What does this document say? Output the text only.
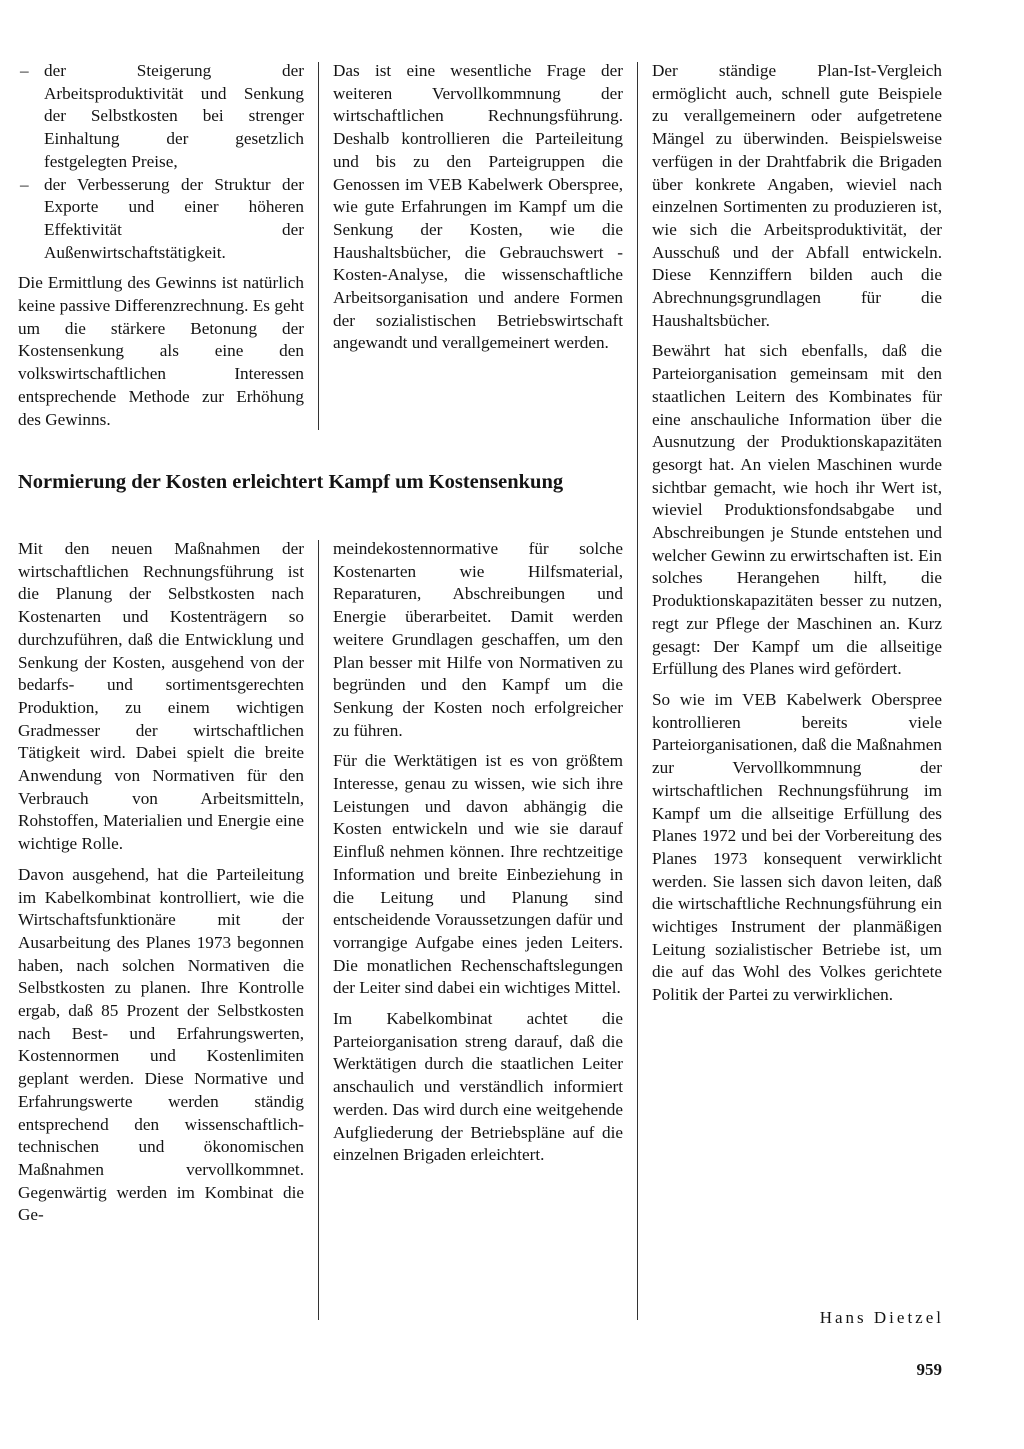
– der Steigerung der Arbeitsproduktivität und Senkung der Selbstkosten bei strenger Einhaltung der gesetzlich festgelegten Preise,
– der Verbesserung der Struktur der Exporte und einer höheren Effektivität der Außenwirtschaftstätigkeit.

Die Ermittlung des Gewinns ist natürlich keine passive Differenzrechnung. Es geht um die stärkere Betonung der Kostensenkung als eine den volkswirtschaftlichen Interessen entsprechende Methode zur Erhöhung des Gewinns.

Das ist eine wesentliche Frage der weiteren Vervollkommnung der wirtschaftlichen Rechnungsführung. Deshalb kontrollieren die Parteileitung und bis zu den Parteigruppen die Genossen im VEB Kabelwerk Oberspree, wie gute Erfahrungen im Kampf um die Senkung der Kosten, wie die Haushaltsbücher, die Gebrauchswert - Kosten-Analyse, die wissenschaftliche Arbeitsorganisation und andere Formen der sozialistischen Betriebswirtschaft angewandt und verallgemeinert werden.

Normierung der Kosten erleichtert Kampf um Kostensenkung

Mit den neuen Maßnahmen der wirtschaftlichen Rechnungsführung ist die Planung der Selbstkosten nach Kostenarten und Kostenträgern so durchzuführen, daß die Entwicklung und Senkung der Kosten, ausgehend von der bedarfs- und sortimentsgerechten Produktion, zu einem wichtigen Gradmesser der wirtschaftlichen Tätigkeit wird. Dabei spielt die breite Anwendung von Normativen für den Verbrauch von Arbeitsmitteln, Rohstoffen, Materialien und Energie eine wichtige Rolle.

Davon ausgehend, hat die Parteileitung im Kabelkombinat kontrolliert, wie die Wirtschaftsfunktionäre mit der Ausarbeitung des Planes 1973 begonnen haben, nach solchen Normativen die Selbstkosten zu planen. Ihre Kontrolle ergab, daß 85 Prozent der Selbstkosten nach Best- und Erfahrungswerten, Kostennormen und Kostenlimiten geplant werden. Diese Normative und Erfahrungswerte werden ständig entsprechend den wissenschaftlich-technischen und ökonomischen Maßnahmen vervollkommnet. Gegenwärtig werden im Kombinat die Ge-

meindekostennormative für solche Kostenarten wie Hilfsmaterial, Reparaturen, Abschreibungen und Energie überarbeitet. Damit werden weitere Grundlagen geschaffen, um den Plan besser mit Hilfe von Normativen zu begründen und den Kampf um die Senkung der Kosten noch erfolgreicher zu führen.

Für die Werktätigen ist es von größtem Interesse, genau zu wissen, wie sich ihre Leistungen und davon abhängig die Kosten entwickeln und wie sie darauf Einfluß nehmen können. Ihre rechtzeitige Information und breite Einbeziehung in die Leitung und Planung sind entscheidende Voraussetzungen dafür und vorrangige Aufgabe eines jeden Leiters. Die monatlichen Rechenschaftslegungen der Leiter sind dabei ein wichtiges Mittel.

Im Kabelkombinat achtet die Parteiorganisation streng darauf, daß die Werktätigen durch die staatlichen Leiter anschaulich und verständlich informiert werden. Das wird durch eine weitgehende Aufgliederung der Betriebspläne auf die einzelnen Brigaden erleichtert.

Der ständige Plan-Ist-Vergleich ermöglicht auch, schnell gute Beispiele zu verallgemeinern oder aufgetretene Mängel zu überwinden. Beispielsweise verfügen in der Drahtfabrik die Brigaden über konkrete Angaben, wieviel nach einzelnen Sortimenten zu produzieren ist, wie sich die Arbeitsproduktivität, der Ausschuß und der Abfall entwickeln. Diese Kennziffern bilden auch die Abrechnungsgrundlagen für die Haushaltsbücher.

Bewährt hat sich ebenfalls, daß die Parteiorganisation gemeinsam mit den staatlichen Leitern des Kombinates für eine anschauliche Information über die Ausnutzung der Produktionskapazitäten gesorgt hat. An vielen Maschinen wurde sichtbar gemacht, wie hoch ihr Wert ist, wieviel Produktionsfondsabgabe und Abschreibungen je Stunde entstehen und welcher Gewinn zu erwirtschaften ist. Ein solches Herangehen hilft, die Produktionskapazitäten besser zu nutzen, regt zur Pflege der Maschinen an. Kurz gesagt: Der Kampf um die allseitige Erfüllung des Planes wird gefördert.

So wie im VEB Kabelwerk Oberspree kontrollieren bereits viele Parteiorganisationen, daß die Maßnahmen zur Vervollkommnung der wirtschaftlichen Rechnungsführung im Kampf um die allseitige Erfüllung des Planes 1972 und bei der Vorbereitung des Planes 1973 konsequent verwirklicht werden. Sie lassen sich davon leiten, daß die wirtschaftliche Rechnungsführung ein wichtiges Instrument der planmäßigen Leitung sozialistischer Betriebe ist, um die auf das Wohl des Volkes gerichtete Politik der Partei zu verwirklichen.

Hans Dietzel
959
